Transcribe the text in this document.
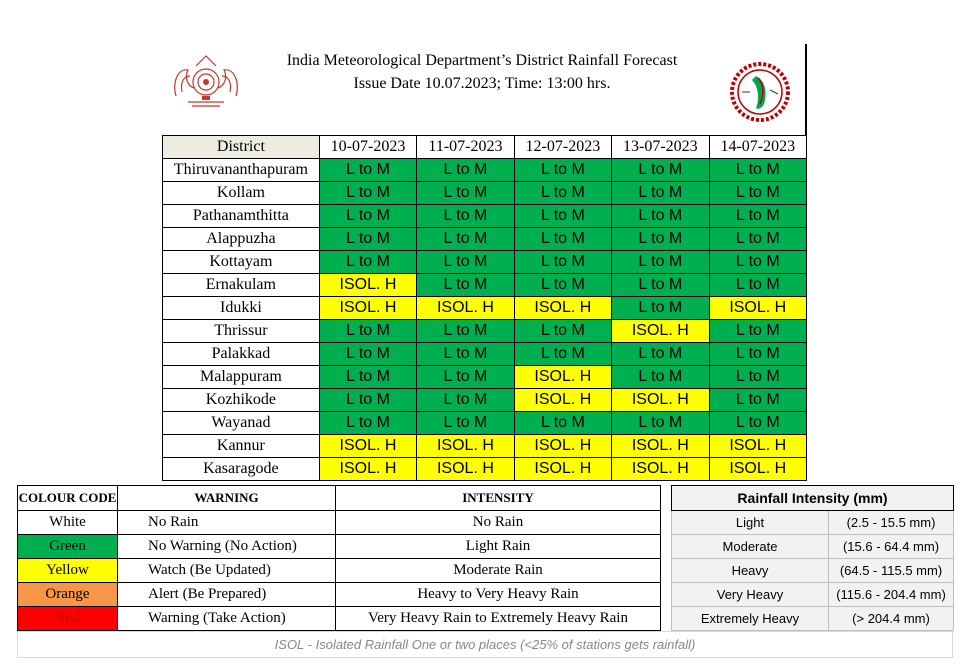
India Meteorological Department’s District Rainfall Forecast
Issue Date 10.07.2023; Time: 13:00 hrs.
District	10-07-2023	11-07-2023	12-07-2023	13-07-2023	14-07-2023
Thiruvananthapuram	L to M	L to M	L to M	L to M	L to M
Kollam	L to M	L to M	L to M	L to M	L to M
Pathanamthitta	L to M	L to M	L to M	L to M	L to M
Alappuzha	L to M	L to M	L to M	L to M	L to M
Kottayam	L to M	L to M	L to M	L to M	L to M
Ernakulam	ISOL. H	L to M	L to M	L to M	L to M
Idukki	ISOL. H	ISOL. H	ISOL. H	L to M	ISOL. H
Thrissur	L to M	L to M	L to M	ISOL. H	L to M
Palakkad	L to M	L to M	L to M	L to M	L to M
Malappuram	L to M	L to M	ISOL. H	L to M	L to M
Kozhikode	L to M	L to M	ISOL. H	ISOL. H	L to M
Wayanad	L to M	L to M	L to M	L to M	L to M
Kannur	ISOL. H	ISOL. H	ISOL. H	ISOL. H	ISOL. H
Kasaragode	ISOL. H	ISOL. H	ISOL. H	ISOL. H	ISOL. H
COLOUR CODE	WARNING	INTENSITY
White	No Rain	No Rain
Green	No Warning (No Action)	Light Rain
Yellow	Watch (Be Updated)	Moderate Rain
Orange	Alert (Be Prepared)	Heavy to Very Heavy Rain
Red	Warning (Take Action)	Very Heavy Rain to Extremely Heavy Rain
Rainfall Intensity (mm)	
Light	(2.5 - 15.5 mm)
Moderate	(15.6 - 64.4 mm)
Heavy	(64.5 - 115.5 mm)
Very Heavy	(115.6 - 204.4 mm)
Extremely Heavy	(> 204.4 mm)
ISOL - Isolated Rainfall One or two places (<25% of stations gets rainfall)
